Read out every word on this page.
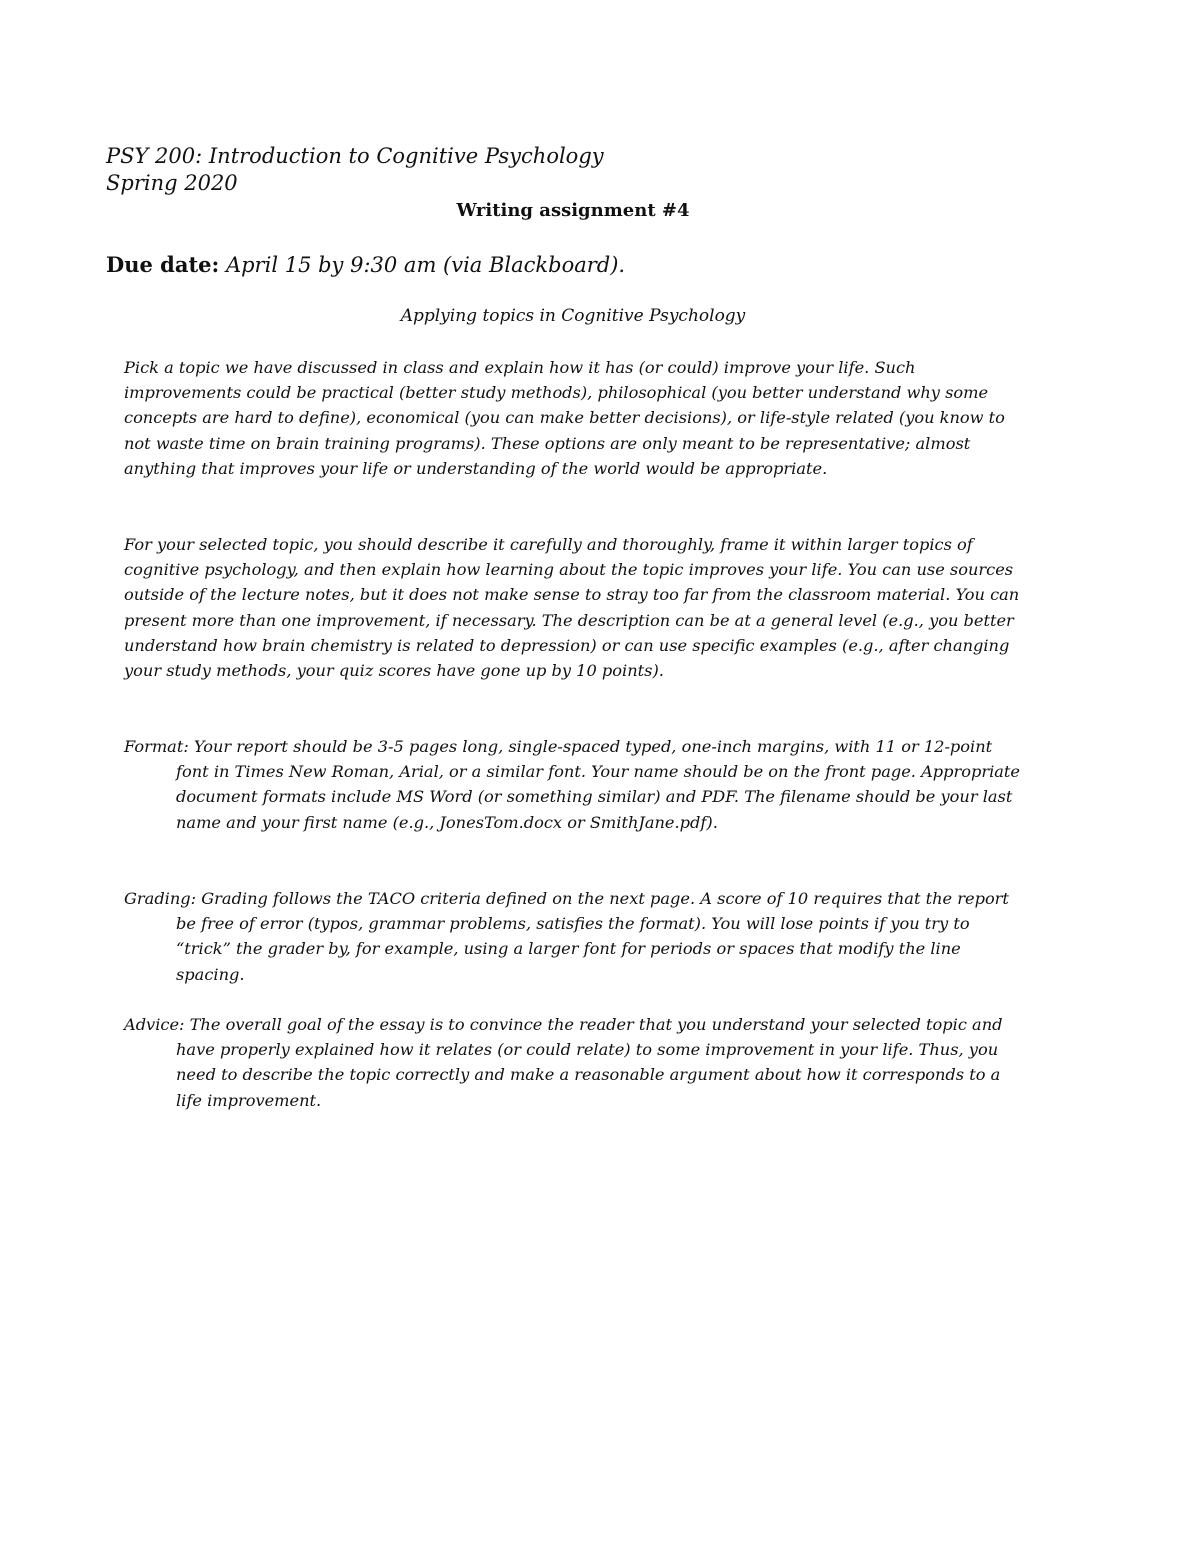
PSY 200: Introduction to Cognitive Psychology
Spring 2020
Writing assignment #4
Due date: April 15 by 9:30 am (via Blackboard).
Applying topics in Cognitive Psychology

Pick a topic we have discussed in class and explain how it has (or could) improve your life. Such improvements could be practical (better study methods), philosophical (you better understand why some concepts are hard to define), economical (you can make better decisions), or life-style related (you know to not waste time on brain training programs). These options are only meant to be representative; almost anything that improves your life or understanding of the world would be appropriate.

For your selected topic, you should describe it carefully and thoroughly, frame it within larger topics of cognitive psychology, and then explain how learning about the topic improves your life. You can use sources outside of the lecture notes, but it does not make sense to stray too far from the classroom material. You can present more than one improvement, if necessary. The description can be at a general level (e.g., you better understand how brain chemistry is related to depression) or can use specific examples (e.g., after changing your study methods, your quiz scores have gone up by 10 points).

Format: Your report should be 3-5 pages long, single-spaced typed, one-inch margins, with 11 or 12-point font in Times New Roman, Arial, or a similar font. Your name should be on the front page. Appropriate document formats include MS Word (or something similar) and PDF. The filename should be your last name and your first name (e.g., JonesTom.docx or SmithJane.pdf).

Grading: Grading follows the TACO criteria defined on the next page. A score of 10 requires that the report be free of error (typos, grammar problems, satisfies the format). You will lose points if you try to “trick” the grader by, for example, using a larger font for periods or spaces that modify the line spacing.

Advice: The overall goal of the essay is to convince the reader that you understand your selected topic and have properly explained how it relates (or could relate) to some improvement in your life. Thus, you need to describe the topic correctly and make a reasonable argument about how it corresponds to a life improvement.
